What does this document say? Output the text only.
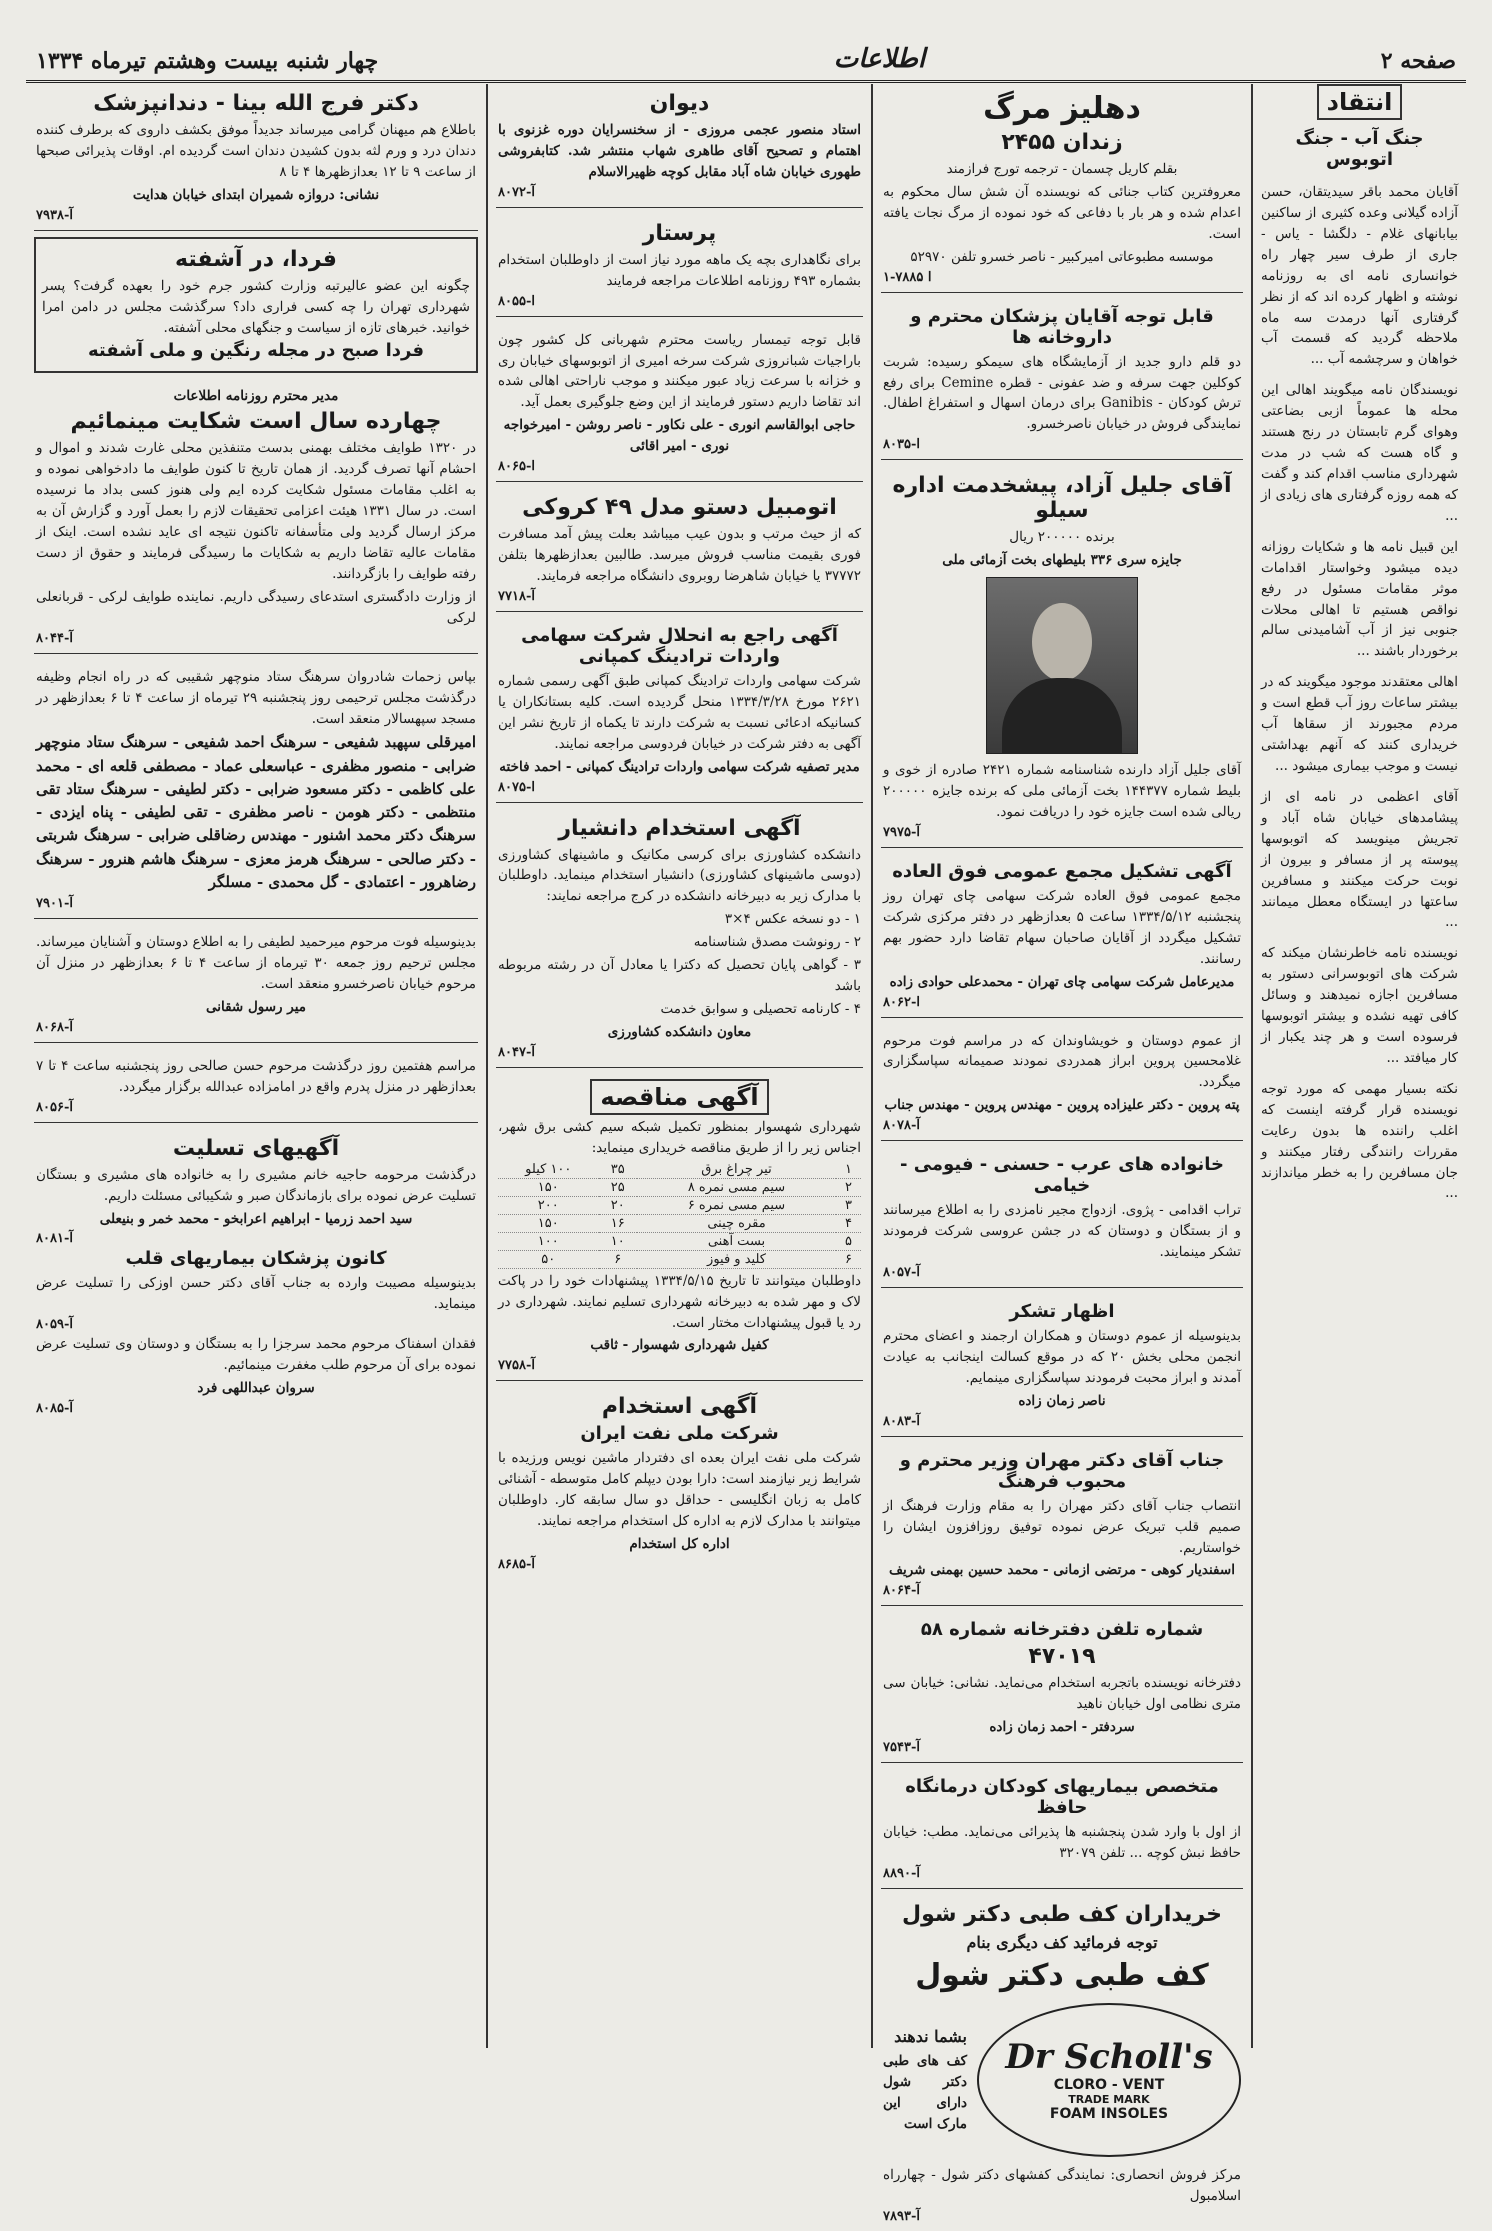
صفحه ۲
اطلاعات
چهار شنبه بیست وهشتم تیرماه ۱۳۳۴
انتقاد
جنگ آب - جنگ اتوبوس

آقایان محمد باقر سیدیتقان، حسن آزاده گیلانی وعده کثیری از ساکنین بیابانهای غلام - دلگشا - یاس - جاری از طرف سیر چهار راه خوانساری نامه ای به روزنامه نوشته و اظهار کرده اند که از نظر گرفتاری آنها درمدت سه ماه ملاحظه گردید که قسمت آب خواهان و سرچشمه آب ...

نویسندگان نامه میگویند اهالی این محله ها عموماً ازبی بضاعتی وهوای گرم تابستان در رنج هستند و گاه هست که شب در مدت شهرداری مناسب اقدام کند و گفت که همه روزه گرفتاری های زیادی از ...

این قبیل نامه ها و شکایات روزانه دیده میشود وخواستار اقدامات موثر مقامات مسئول در رفع نواقص هستیم تا اهالی محلات جنوبی نیز از آب آشامیدنی سالم برخوردار باشند ...

اهالی معتقدند موجود میگویند که در بیشتر ساعات روز آب قطع است و مردم مجبورند از سقاها آب خریداری کنند که آنهم بهداشتی نیست و موجب بیماری میشود ...

آقای اعظمی در نامه ای از پیشامدهای خیابان شاه آباد و تجریش مینویسد که اتوبوسها پیوسته پر از مسافر و بیرون از نوبت حرکت میکنند و مسافرین ساعتها در ایستگاه معطل میمانند ...

نویسنده نامه خاطرنشان میکند که شرکت های اتوبوسرانی دستور به مسافرین اجازه نمیدهند و وسائل کافی تهیه نشده و بیشتر اتوبوسها فرسوده است و هر چند یکبار از کار میافتد ...

نکته بسیار مهمی که مورد توجه نویسنده قرار گرفته اینست که اغلب راننده ها بدون رعایت مقررات رانندگی رفتار میکنند و جان مسافرین را به خطر میاندازند ...

دهلیز مرگ
زندان ۲۴۵۵

بقلم کاریل چسمان - ترجمه تورج فرازمند

معروفترین کتاب جنائی که نویسنده آن شش سال محکوم به اعدام شده و هر بار با دفاعی که خود نموده از مرگ نجات یافته است.

موسسه مطبوعاتی امیرکبیر - ناصر خسرو تلفن ۵۲۹۷۰

۱-۷۸۸۵ ا
قابل توجه آقایان پزشکان محترم و داروخانه ها

دو قلم دارو جدید از آزمایشگاه های سیمکو رسیده: شربت کوکلین جهت سرفه و ضد عفونی - قطره Cemine برای رفع ترش کودکان - Ganibis برای درمان اسهال و استفراغ اطفال. نمایندگی فروش در خیابان ناصرخسرو.

ا-۸۰۳۵
آقای جلیل آزاد، پیشخدمت اداره سیلو

برنده ۲۰۰۰۰۰ ریال

جایزه سری ۳۳۶ بلیطهای بخت آزمائی ملی

آقای جلیل آزاد دارنده شناسنامه شماره ۲۴۲۱ صادره از خوی و بلیط شماره ۱۴۴۳۷۷ بخت آزمائی ملی که برنده جایزه ۲۰۰۰۰۰ ریالی شده است جایزه خود را دریافت نمود.

آ-۷۹۷۵
آگهی تشکیل مجمع عمومی فوق العاده

مجمع عمومی فوق العاده شرکت سهامی چای تهران روز پنجشنبه ۱۳۳۴/۵/۱۲ ساعت ۵ بعدازظهر در دفتر مرکزی شرکت تشکیل میگردد از آقایان صاحبان سهام تقاضا دارد حضور بهم رسانند.

مدیرعامل شرکت سهامی چای تهران - محمدعلی حوادی زاده

ا-۸۰۶۲

از عموم دوستان و خویشاوندان که در مراسم فوت مرحوم غلامحسین پروین ابراز همدردی نمودند صمیمانه سپاسگزاری میگردد.

پته پروین - دکتر علیزاده پروین - مهندس پروین - مهندس جناب

آ-۸۰۷۸
خانواده های عرب - حسنی - فیومی - خیامی

تراب اقدامی - پژوی. ازدواج مجیر نامزدی را به اطلاع میرسانند و از بستگان و دوستان که در جشن عروسی شرکت فرمودند تشکر مینمایند.

آ-۸۰۵۷
اظهار تشکر

بدینوسیله از عموم دوستان و همکاران ارجمند و اعضای محترم انجمن محلی بخش ۲۰ که در موقع کسالت اینجانب به عیادت آمدند و ابراز محبت فرمودند سپاسگزاری مینمایم.

ناصر زمان زاده

آ-۸۰۸۳
جناب آقای دکتر مهران وزیر محترم و محبوب فرهنگ

انتصاب جناب آقای دکتر مهران را به مقام وزارت فرهنگ از صمیم قلب تبریک عرض نموده توفیق روزافزون ایشان را خواستاریم.

اسفندیار کوهی - مرتضی ازمانی - محمد حسین بهمنی شریف

آ-۸۰۶۴
شماره تلفن دفترخانه شماره ۵۸
۴۷۰۱۹

دفترخانه نویسنده باتجربه استخدام می‌نماید. نشانی: خیابان سی متری نظامی اول خیابان ناهید

سردفتر - احمد زمان زاده

آ-۷۵۴۳
متخصص بیماریهای کودکان درمانگاه حافظ

از اول با وارد شدن پنجشنبه ها پذیرائی می‌نماید. مطب: خیابان حافظ نبش کوچه ... تلفن ۳۲۰۷۹

آ-۸۸۹۰
خریداران کف طبی دکتر شول

توجه فرمائید کف دیگری بنام

کف طبی دکتر شول
Dr Scholl's
CLORO - VENT
TRADE MARK
FOAM INSOLES

بشما ندهند

کف های طبی دکتر شول دارای این مارک است

مرکز فروش انحصاری: نمایندگی کفشهای دکتر شول - چهارراه اسلامبول

آ-۷۸۹۳
دیوان

استاد منصور عجمی مروزی - از سخنسرایان دوره غزنوی با اهتمام و تصحیح آقای طاهری شهاب منتشر شد. کتابفروشی طهوری خیابان شاه آباد مقابل کوچه ظهیرالاسلام

آ-۸۰۷۲
پرستار

برای نگاهداری بچه یک ماهه مورد نیاز است از داوطلبان استخدام بشماره ۴۹۳ روزنامه اطلاعات مراجعه فرمایند

ا-۸۰۵۵

قابل توجه تیمسار ریاست محترم شهربانی کل کشور چون باراجیات شبانروزی شرکت سرخه امیری از اتوبوسهای خیابان ری و خزانه با سرعت زیاد عبور میکنند و موجب ناراحتی اهالی شده اند تقاضا داریم دستور فرمایند از این وضع جلوگیری بعمل آید.

حاجی ابوالقاسم انوری - علی نکاور - ناصر روشن - امیرخواجه نوری - امیر اقائی

ا-۸۰۶۵
اتومبیل دستو مدل ۴۹ کروکی

که از حیث مرتب و بدون عیب میباشد بعلت پیش آمد مسافرت فوری بقیمت مناسب فروش میرسد. طالبین بعدازظهرها بتلفن ۳۷۷۷۲ یا خیابان شاهرضا روبروی دانشگاه مراجعه فرمایند.

آ-۷۷۱۸
آگهی راجع به انحلال شرکت سهامی واردات ترادینگ کمپانی

شرکت سهامی واردات ترادینگ کمپانی طبق آگهی رسمی شماره ۲۶۲۱ مورخ ۱۳۳۴/۳/۲۸ منحل گردیده است. کلیه بستانکاران یا کسانیکه ادعائی نسبت به شرکت دارند تا یکماه از تاریخ نشر این آگهی به دفتر شرکت در خیابان فردوسی مراجعه نمایند.

مدیر تصفیه شرکت سهامی واردات ترادینگ کمپانی - احمد فاخته

ا-۸۰۷۵
آگهی استخدام دانشیار

دانشکده کشاورزی برای کرسی مکانیک و ماشینهای کشاورزی (دوسی ماشینهای کشاورزی) دانشیار استخدام مینماید. داوطلبان با مدارک زیر به دبیرخانه دانشکده در کرج مراجعه نمایند:

۱ - دو نسخه عکس ۴×۳

۲ - رونوشت مصدق شناسنامه

۳ - گواهی پایان تحصیل که دکترا یا معادل آن در رشته مربوطه باشد

۴ - کارنامه تحصیلی و سوابق خدمت

معاون دانشکده کشاورزی

آ-۸۰۴۷
آگهی مناقصه

شهرداری شهسوار بمنظور تکمیل شبکه سیم کشی برق شهر، اجناس زیر را از طریق مناقصه خریداری مینماید:

۱	تیر چراغ برق	۳۵	۱۰۰ کیلو
۲	سیم مسی نمره ۸	۲۵	۱۵۰
۳	سیم مسی نمره ۶	۲۰	۲۰۰
۴	مقره چینی	۱۶	۱۵۰
۵	بست آهنی	۱۰	۱۰۰
۶	کلید و فیوز	۶	۵۰

داوطلبان میتوانند تا تاریخ ۱۳۳۴/۵/۱۵ پیشنهادات خود را در پاکت لاک و مهر شده به دبیرخانه شهرداری تسلیم نمایند. شهرداری در رد یا قبول پیشنهادات مختار است.

کفیل شهرداری شهسوار - ثاقب

آ-۷۷۵۸
آگهی استخدام
شرکت ملی نفت ایران

شرکت ملی نفت ایران بعده ای دفتردار ماشین نویس ورزیده با شرایط زیر نیازمند است: دارا بودن دیپلم کامل متوسطه - آشنائی کامل به زبان انگلیسی - حداقل دو سال سابقه کار. داوطلبان میتوانند با مدارک لازم به اداره کل استخدام مراجعه نمایند.

اداره کل استخدام

آ-۸۶۸۵
دکتر فرج الله بینا - دندانپزشک

باطلاع هم میهنان گرامی میرساند جدیداً موفق بکشف داروی که برطرف کننده دندان درد و ورم لثه بدون کشیدن دندان است گردیده ام. اوقات پذیرائی صبحها از ساعت ۹ تا ۱۲ بعدازظهرها ۴ تا ۸

نشانی: دروازه شمیران ابتدای خیابان هدایت

آ-۷۹۳۸
فردا، در آشفته

چگونه این عضو عالیرتبه وزارت کشور جرم خود را بعهده گرفت؟ پسر شهرداری تهران را چه کسی فراری داد؟ سرگذشت مجلس در دامن امرا خوانید. خبرهای تازه از سیاست و جنگهای محلی آشفته.

فردا صبح در مجله رنگین و ملی آشفته

مدیر محترم روزنامه اطلاعات

چهارده سال است شکایت مینمائیم

در ۱۳۲۰ طوایف مختلف بهمنی بدست متنفذین محلی غارت شدند و اموال و احشام آنها تصرف گردید. از همان تاریخ تا کنون طوایف ما دادخواهی نموده و به اغلب مقامات مسئول شکایت کرده ایم ولی هنوز کسی بداد ما نرسیده است. در سال ۱۳۳۱ هیئت اعزامی تحقیقات لازم را بعمل آورد و گزارش آن به مرکز ارسال گردید ولی متأسفانه تاکنون نتیجه ای عاید نشده است. اینک از مقامات عالیه تقاضا داریم به شکایات ما رسیدگی فرمایند و حقوق از دست رفته طوایف را بازگردانند.

از وزارت دادگستری استدعای رسیدگی داریم. نماینده طوایف لرکی - قربانعلی لرکی

آ-۸۰۴۴

بپاس زحمات شادروان سرهنگ ستاد منوچهر شقیبی که در راه انجام وظیفه درگذشت مجلس ترحیمی روز پنجشنبه ۲۹ تیرماه از ساعت ۴ تا ۶ بعدازظهر در مسجد سپهسالار منعقد است.

امیرقلی سپهبد شفیعی - سرهنگ احمد شفیعی - سرهنگ ستاد منوچهر ضرابی - منصور مظفری - عباسعلی عماد - مصطفی قلعه ای - محمد علی کاظمی - دکتر مسعود ضرابی - دکتر لطیفی - سرهنگ ستاد تقی منتظمی - دکتر هومن - ناصر مظفری - تقی لطیفی - پناه ایزدی - سرهنگ دکتر محمد اشنور - مهندس رضاقلی ضرابی - سرهنگ شربتی - دکتر صالحی - سرهنگ هرمز معزی - سرهنگ هاشم هنرور - سرهنگ رضاهرور - اعتمادی - گل محمدی - مسلگر

آ-۷۹۰۱

بدینوسیله فوت مرحوم میرحمید لطیفی را به اطلاع دوستان و آشنایان میرساند. مجلس ترحیم روز جمعه ۳۰ تیرماه از ساعت ۴ تا ۶ بعدازظهر در منزل آن مرحوم خیابان ناصرخسرو منعقد است.

میر رسول شقانی

آ-۸۰۶۸

مراسم هفتمین روز درگذشت مرحوم حسن صالحی روز پنجشنبه ساعت ۴ تا ۷ بعدازظهر در منزل پدرم واقع در امامزاده عبدالله برگزار میگردد.

آ-۸۰۵۶
آگهیهای تسلیت

درگذشت مرحومه حاجیه خانم مشیری را به خانواده های مشیری و بستگان تسلیت عرض نموده برای بازماندگان صبر و شکیبائی مسئلت داریم.

سید احمد زرمیا - ابراهیم اعرابخو - محمد خمر و بنیعلی

آ-۸۰۸۱
کانون پزشکان بیماریهای قلب

بدینوسیله مصیبت وارده به جناب آقای دکتر حسن اوزکی را تسلیت عرض مینماید.

آ-۸۰۵۹

فقدان اسفناک مرحوم محمد سرجزا را به بستگان و دوستان وی تسلیت عرض نموده برای آن مرحوم طلب مغفرت مینمائیم.

سروان عبداللهی فرد

آ-۸۰۸۵
